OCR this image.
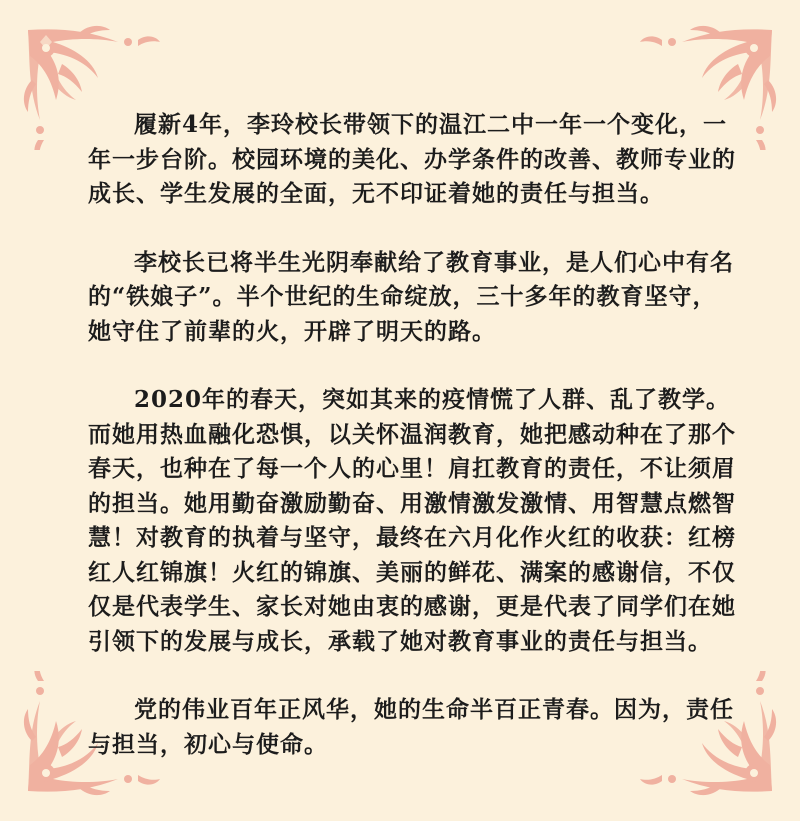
履新4年，李玲校长带领下的温江二中一年一个变化，一年一步台阶。校园环境的美化、办学条件的改善、教师专业的成长、学生发展的全面，无不印证着她的责任与担当。

李校长已将半生光阴奉献给了教育事业，是人们心中有名的“铁娘子”。半个世纪的生命绽放，三十多年的教育坚守，她守住了前辈的火，开辟了明天的路。

2020年的春天，突如其来的疫情慌了人群、乱了教学。而她用热血融化恐惧，以关怀温润教育，她把感动种在了那个春天，也种在了每一个人的心里！肩扛教育的责任，不让须眉的担当。她用勤奋激励勤奋、用激情激发激情、用智慧点燃智慧！对教育的执着与坚守，最终在六月化作火红的收获：红榜红人红锦旗！火红的锦旗、美丽的鲜花、满案的感谢信，不仅仅是代表学生、家长对她由衷的感谢，更是代表了同学们在她引领下的发展与成长，承载了她对教育事业的责任与担当。

党的伟业百年正风华，她的生命半百正青春。因为，责任与担当，初心与使命。
